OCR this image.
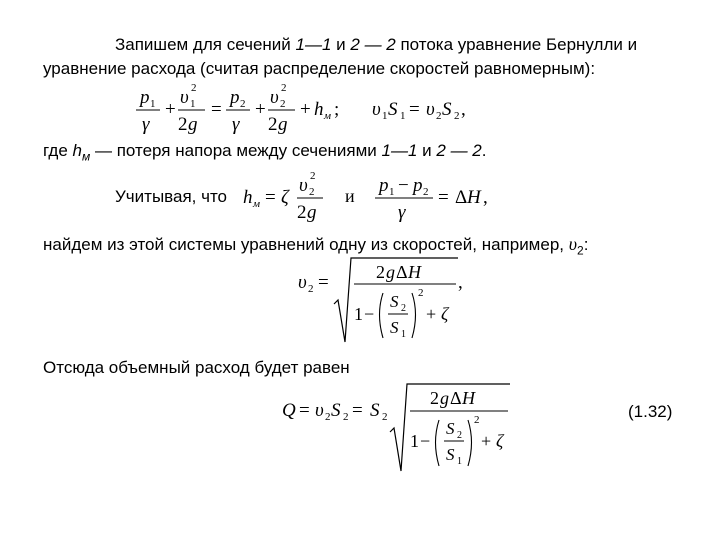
Запишем для сечений 1—1 и 2 — 2 потока уравнение Бернулли и
уравнение расхода (считая распределение скоростей равномерным):
p 1
γ
+
υ 1
2
2 g
=
p 2
γ
+
υ 2
2
2 g
+ h м ; υ 1 S 1 = υ 2 S 2 ,
где $h_м$ — потеря напора между сечениями 1—1 и 2 — 2.
Учитывая, что h м = ζ
υ 2
2
2 g
и p 1 − p 2
γ
= Δ H ,
найдем из этой системы уравнений одну из скоростей, например, $\upsilon_2$:
υ 2 =	2 g Δ H
1 −
S 2
S 1
2
+ ζ
,
Отсюда объемный расход будет равен
Q = υ 2 S 2 = S 2
2 g Δ H
1 −
S 2
S 1
2
+ ζ
(1.32)
